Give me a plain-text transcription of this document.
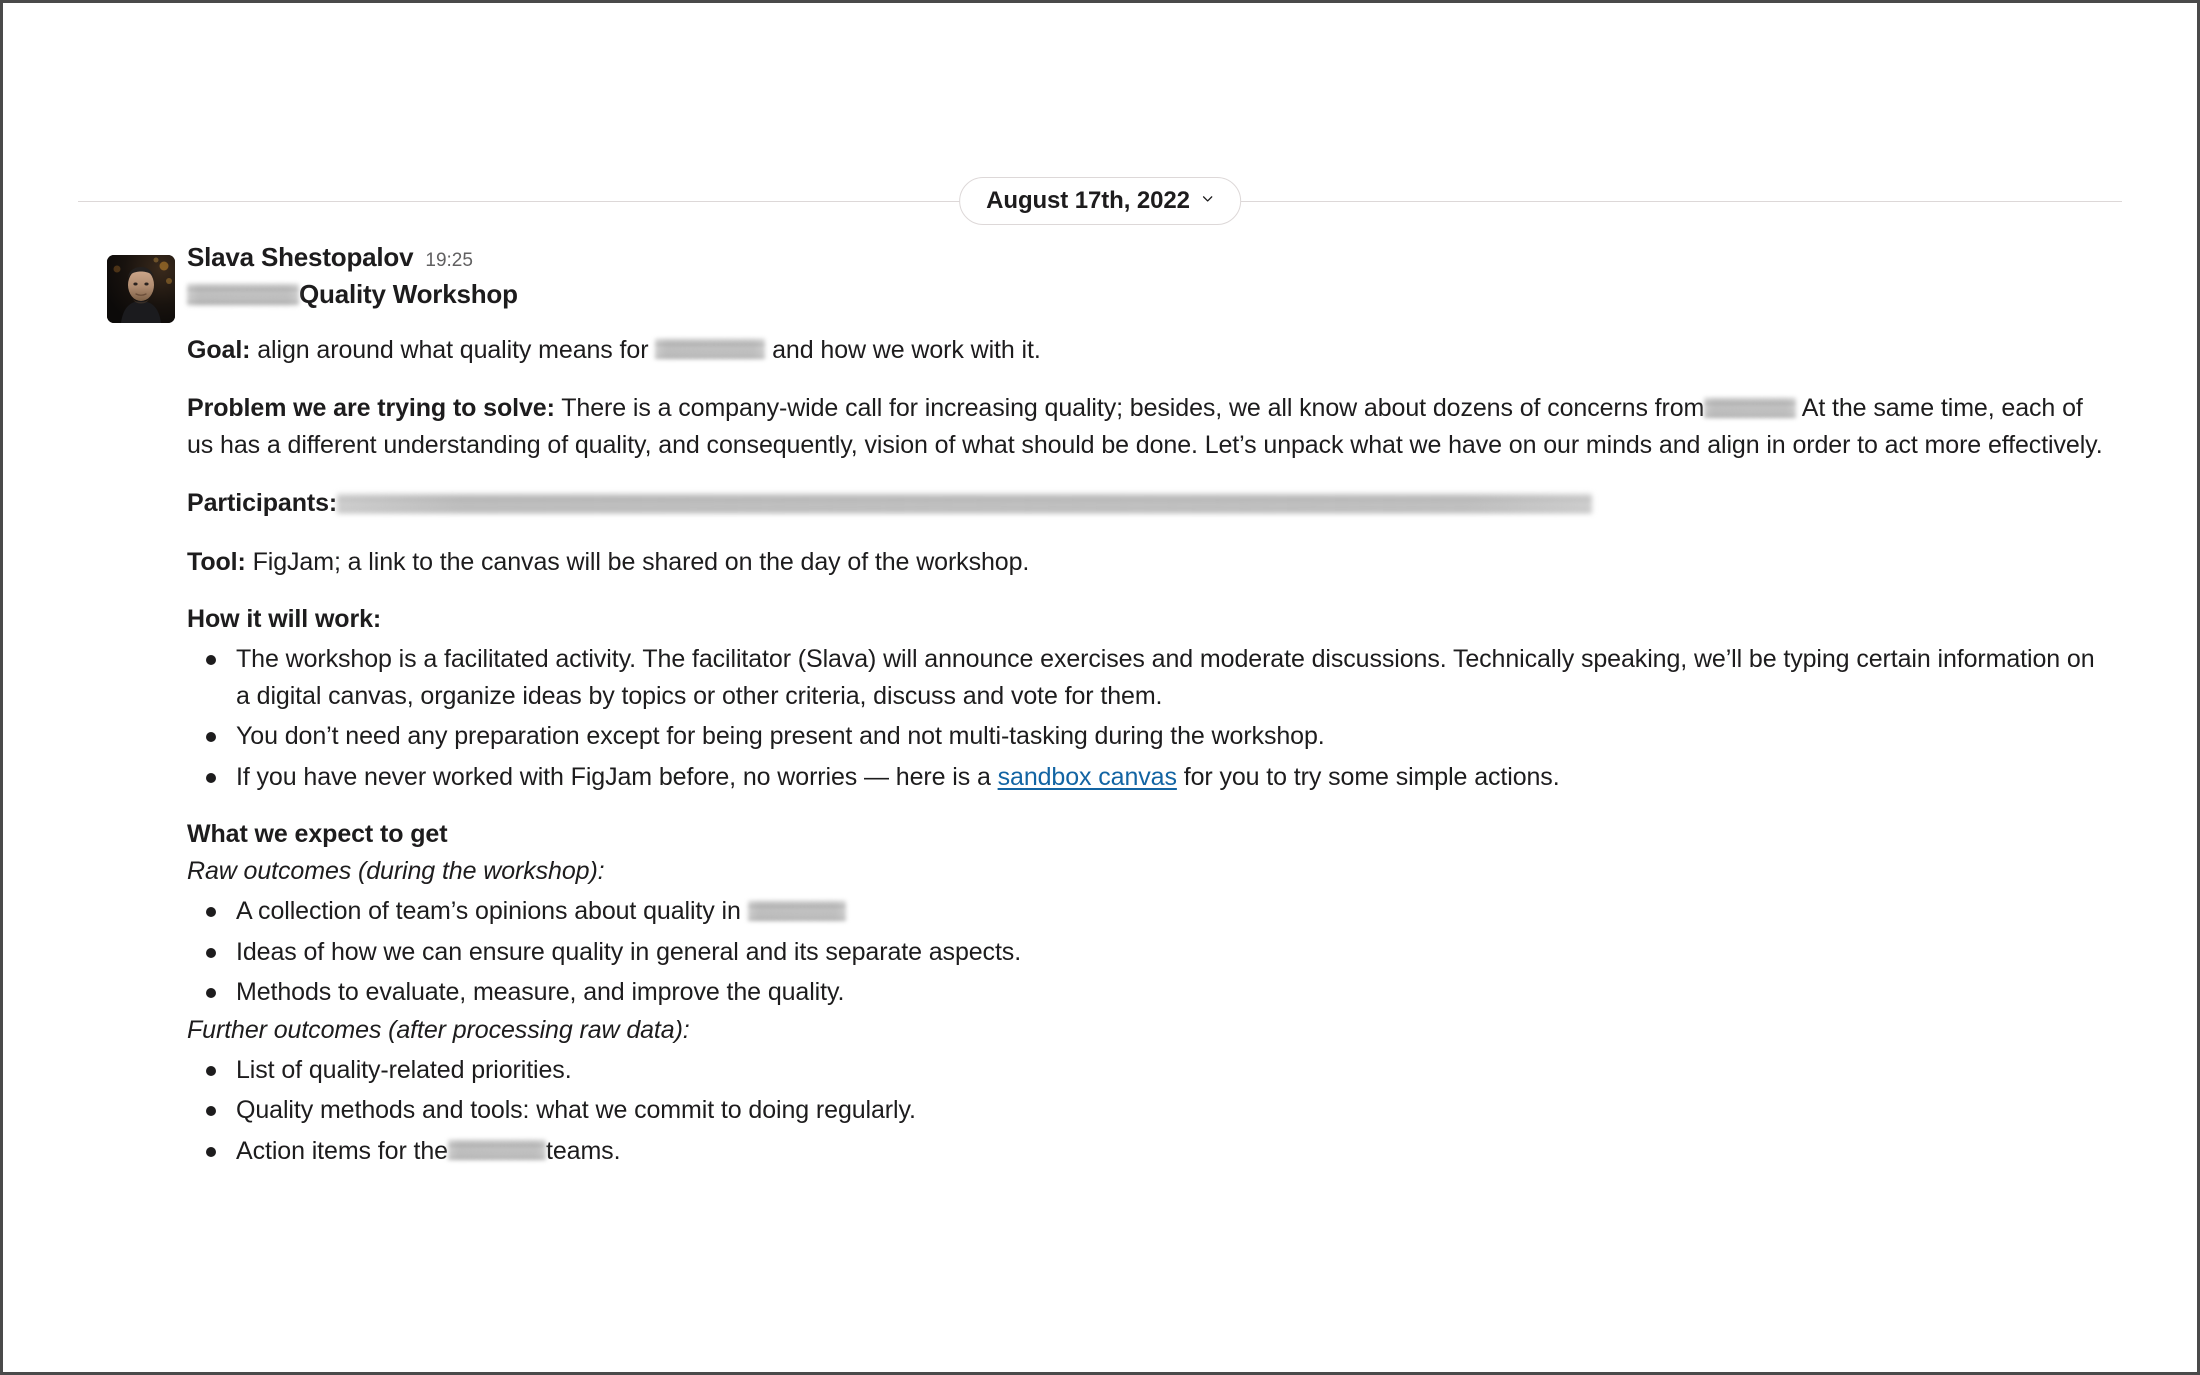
August 17th, 2022
Slava Shestopalov 19:25
Quality Workshop

Goal: align around what quality means for	and how we work with it.

Problem we are trying to solve: There is a company-wide call for increasing quality; besides, we all know about dozens of concerns from	At the same time, each of us has a different understanding of quality, and consequently, vision of what should be done. Let’s unpack what we have on our minds and align in order to act more effectively.

Participants:

Tool: FigJam; a link to the canvas will be shared on the day of the workshop.

How it will work:

The workshop is a facilitated activity. The facilitator (Slava) will announce exercises and moderate discussions. Technically speaking, we’ll be typing certain information on a digital canvas, organize ideas by topics or other criteria, discuss and vote for them.
You don’t need any preparation except for being present and not multi-tasking during the workshop.
If you have never worked with FigJam before, no worries — here is a sandbox canvas for you to try some simple actions.

What we expect to get

Raw outcomes (during the workshop):

A collection of team’s opinions about quality in
Ideas of how we can ensure quality in general and its separate aspects.
Methods to evaluate, measure, and improve the quality.

Further outcomes (after processing raw data):

List of quality-related priorities.
Quality methods and tools: what we commit to doing regularly.
Action items for the	teams.
